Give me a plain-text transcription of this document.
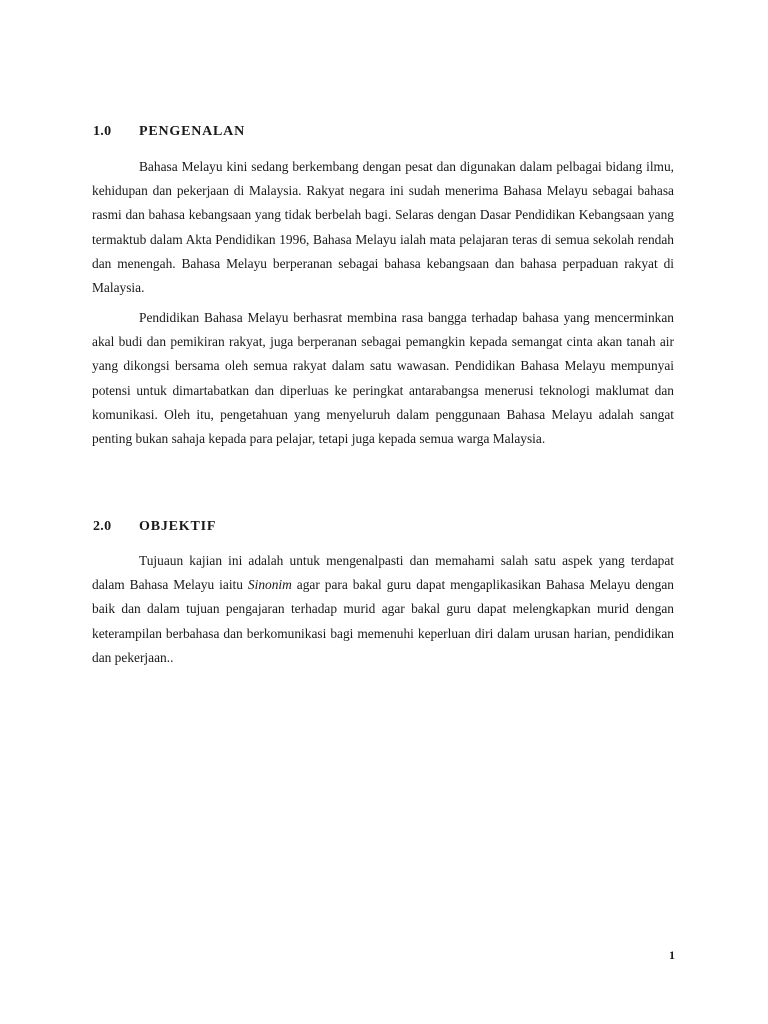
1.0	PENGENALAN

Bahasa Melayu kini sedang berkembang dengan pesat dan digunakan dalam pelbagai bidang ilmu, kehidupan dan pekerjaan di Malaysia. Rakyat negara ini sudah menerima Bahasa Melayu sebagai bahasa rasmi dan bahasa kebangsaan yang tidak berbelah bagi. Selaras dengan Dasar Pendidikan Kebangsaan yang termaktub dalam Akta Pendidikan 1996, Bahasa Melayu ialah mata pelajaran teras di semua sekolah rendah dan menengah. Bahasa Melayu berperanan sebagai bahasa kebangsaan dan bahasa perpaduan rakyat di Malaysia.

Pendidikan Bahasa Melayu berhasrat membina rasa bangga terhadap bahasa yang mencerminkan akal budi dan pemikiran rakyat, juga berperanan sebagai pemangkin kepada semangat cinta akan tanah air yang dikongsi bersama oleh semua rakyat dalam satu wawasan. Pendidikan Bahasa Melayu mempunyai potensi untuk dimartabatkan dan diperluas ke peringkat antarabangsa menerusi teknologi maklumat dan komunikasi. Oleh itu, pengetahuan yang menyeluruh dalam penggunaan Bahasa Melayu adalah sangat penting bukan sahaja kepada para pelajar, tetapi juga kepada semua warga Malaysia.

2.0	OBJEKTIF

Tujuaun kajian ini adalah untuk mengenalpasti dan memahami salah satu aspek yang terdapat dalam Bahasa Melayu iaitu Sinonim agar para bakal guru dapat mengaplikasikan Bahasa Melayu dengan baik dan dalam tujuan pengajaran terhadap murid agar bakal guru dapat melengkapkan murid dengan keterampilan berbahasa dan berkomunikasi bagi memenuhi keperluan diri dalam urusan harian, pendidikan dan pekerjaan..

1
